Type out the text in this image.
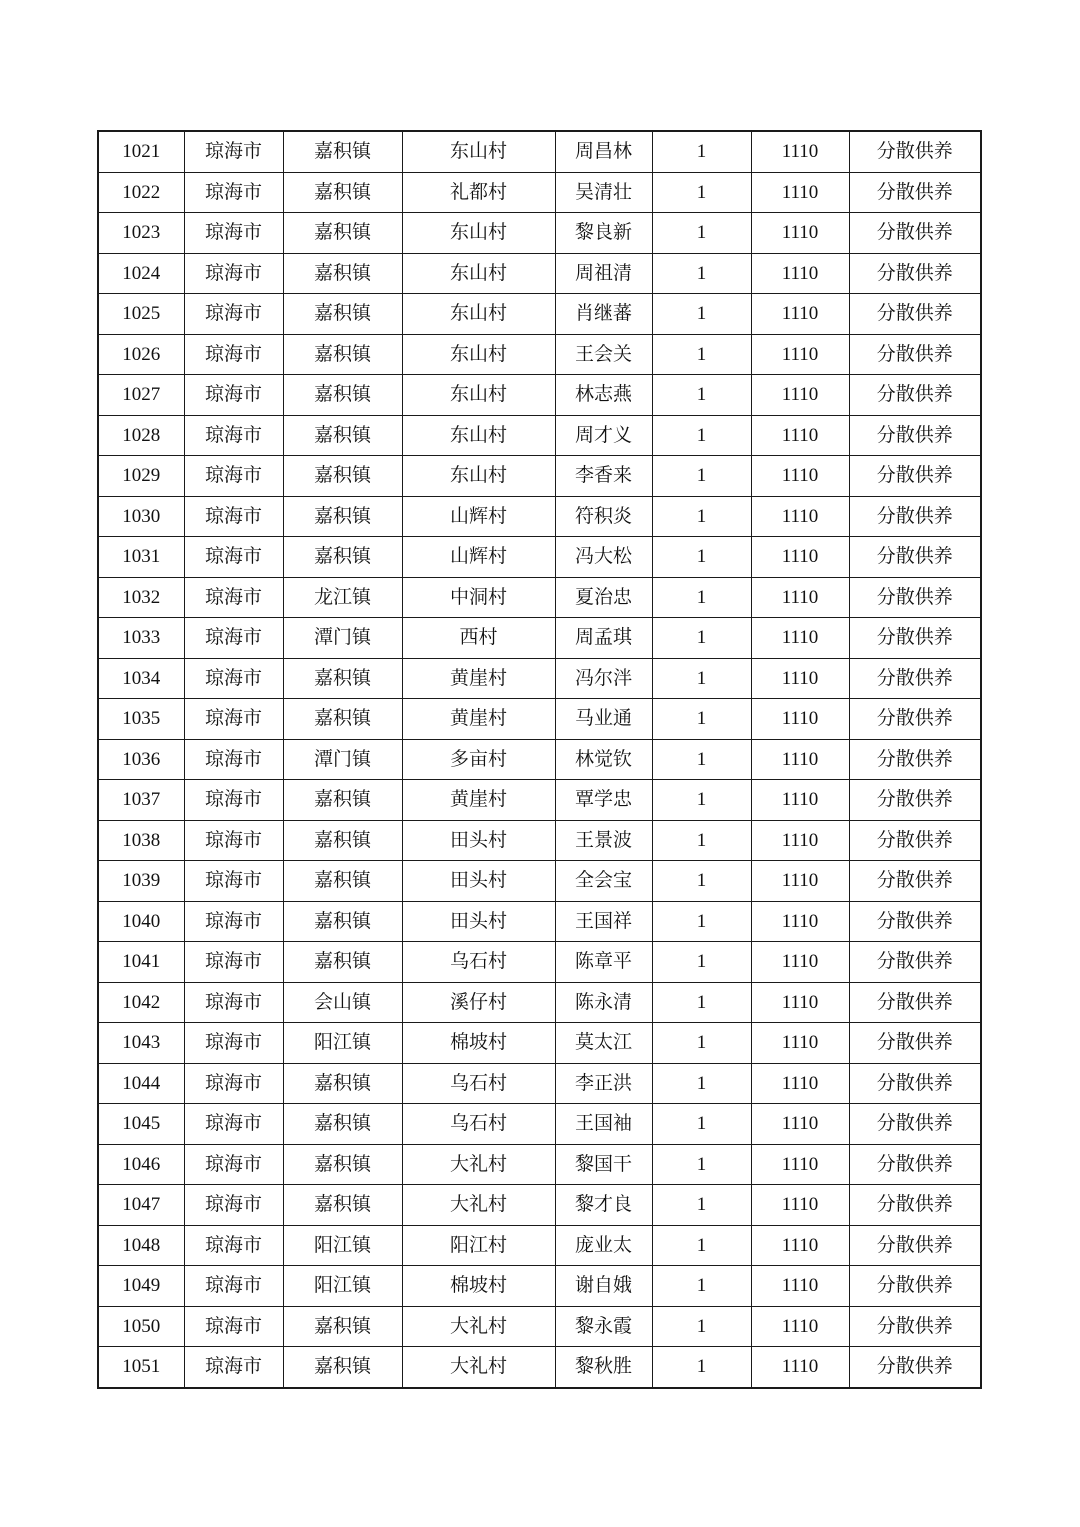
1021	琼海市	嘉积镇	东山村	周昌林	1	1110	分散供养
1022	琼海市	嘉积镇	礼都村	吴清壮	1	1110	分散供养
1023	琼海市	嘉积镇	东山村	黎良新	1	1110	分散供养
1024	琼海市	嘉积镇	东山村	周祖清	1	1110	分散供养
1025	琼海市	嘉积镇	东山村	肖继蕃	1	1110	分散供养
1026	琼海市	嘉积镇	东山村	王会关	1	1110	分散供养
1027	琼海市	嘉积镇	东山村	林志燕	1	1110	分散供养
1028	琼海市	嘉积镇	东山村	周才义	1	1110	分散供养
1029	琼海市	嘉积镇	东山村	李香来	1	1110	分散供养
1030	琼海市	嘉积镇	山辉村	符积炎	1	1110	分散供养
1031	琼海市	嘉积镇	山辉村	冯大松	1	1110	分散供养
1032	琼海市	龙江镇	中洞村	夏治忠	1	1110	分散供养
1033	琼海市	潭门镇	西村	周孟琪	1	1110	分散供养
1034	琼海市	嘉积镇	黄崖村	冯尔泮	1	1110	分散供养
1035	琼海市	嘉积镇	黄崖村	马业通	1	1110	分散供养
1036	琼海市	潭门镇	多亩村	林觉钦	1	1110	分散供养
1037	琼海市	嘉积镇	黄崖村	覃学忠	1	1110	分散供养
1038	琼海市	嘉积镇	田头村	王景波	1	1110	分散供养
1039	琼海市	嘉积镇	田头村	全会宝	1	1110	分散供养
1040	琼海市	嘉积镇	田头村	王国祥	1	1110	分散供养
1041	琼海市	嘉积镇	乌石村	陈章平	1	1110	分散供养
1042	琼海市	会山镇	溪仔村	陈永清	1	1110	分散供养
1043	琼海市	阳江镇	棉坡村	莫太江	1	1110	分散供养
1044	琼海市	嘉积镇	乌石村	李正洪	1	1110	分散供养
1045	琼海市	嘉积镇	乌石村	王国袖	1	1110	分散供养
1046	琼海市	嘉积镇	大礼村	黎国干	1	1110	分散供养
1047	琼海市	嘉积镇	大礼村	黎才良	1	1110	分散供养
1048	琼海市	阳江镇	阳江村	庞业太	1	1110	分散供养
1049	琼海市	阳江镇	棉坡村	谢自娥	1	1110	分散供养
1050	琼海市	嘉积镇	大礼村	黎永霞	1	1110	分散供养
1051	琼海市	嘉积镇	大礼村	黎秋胜	1	1110	分散供养
